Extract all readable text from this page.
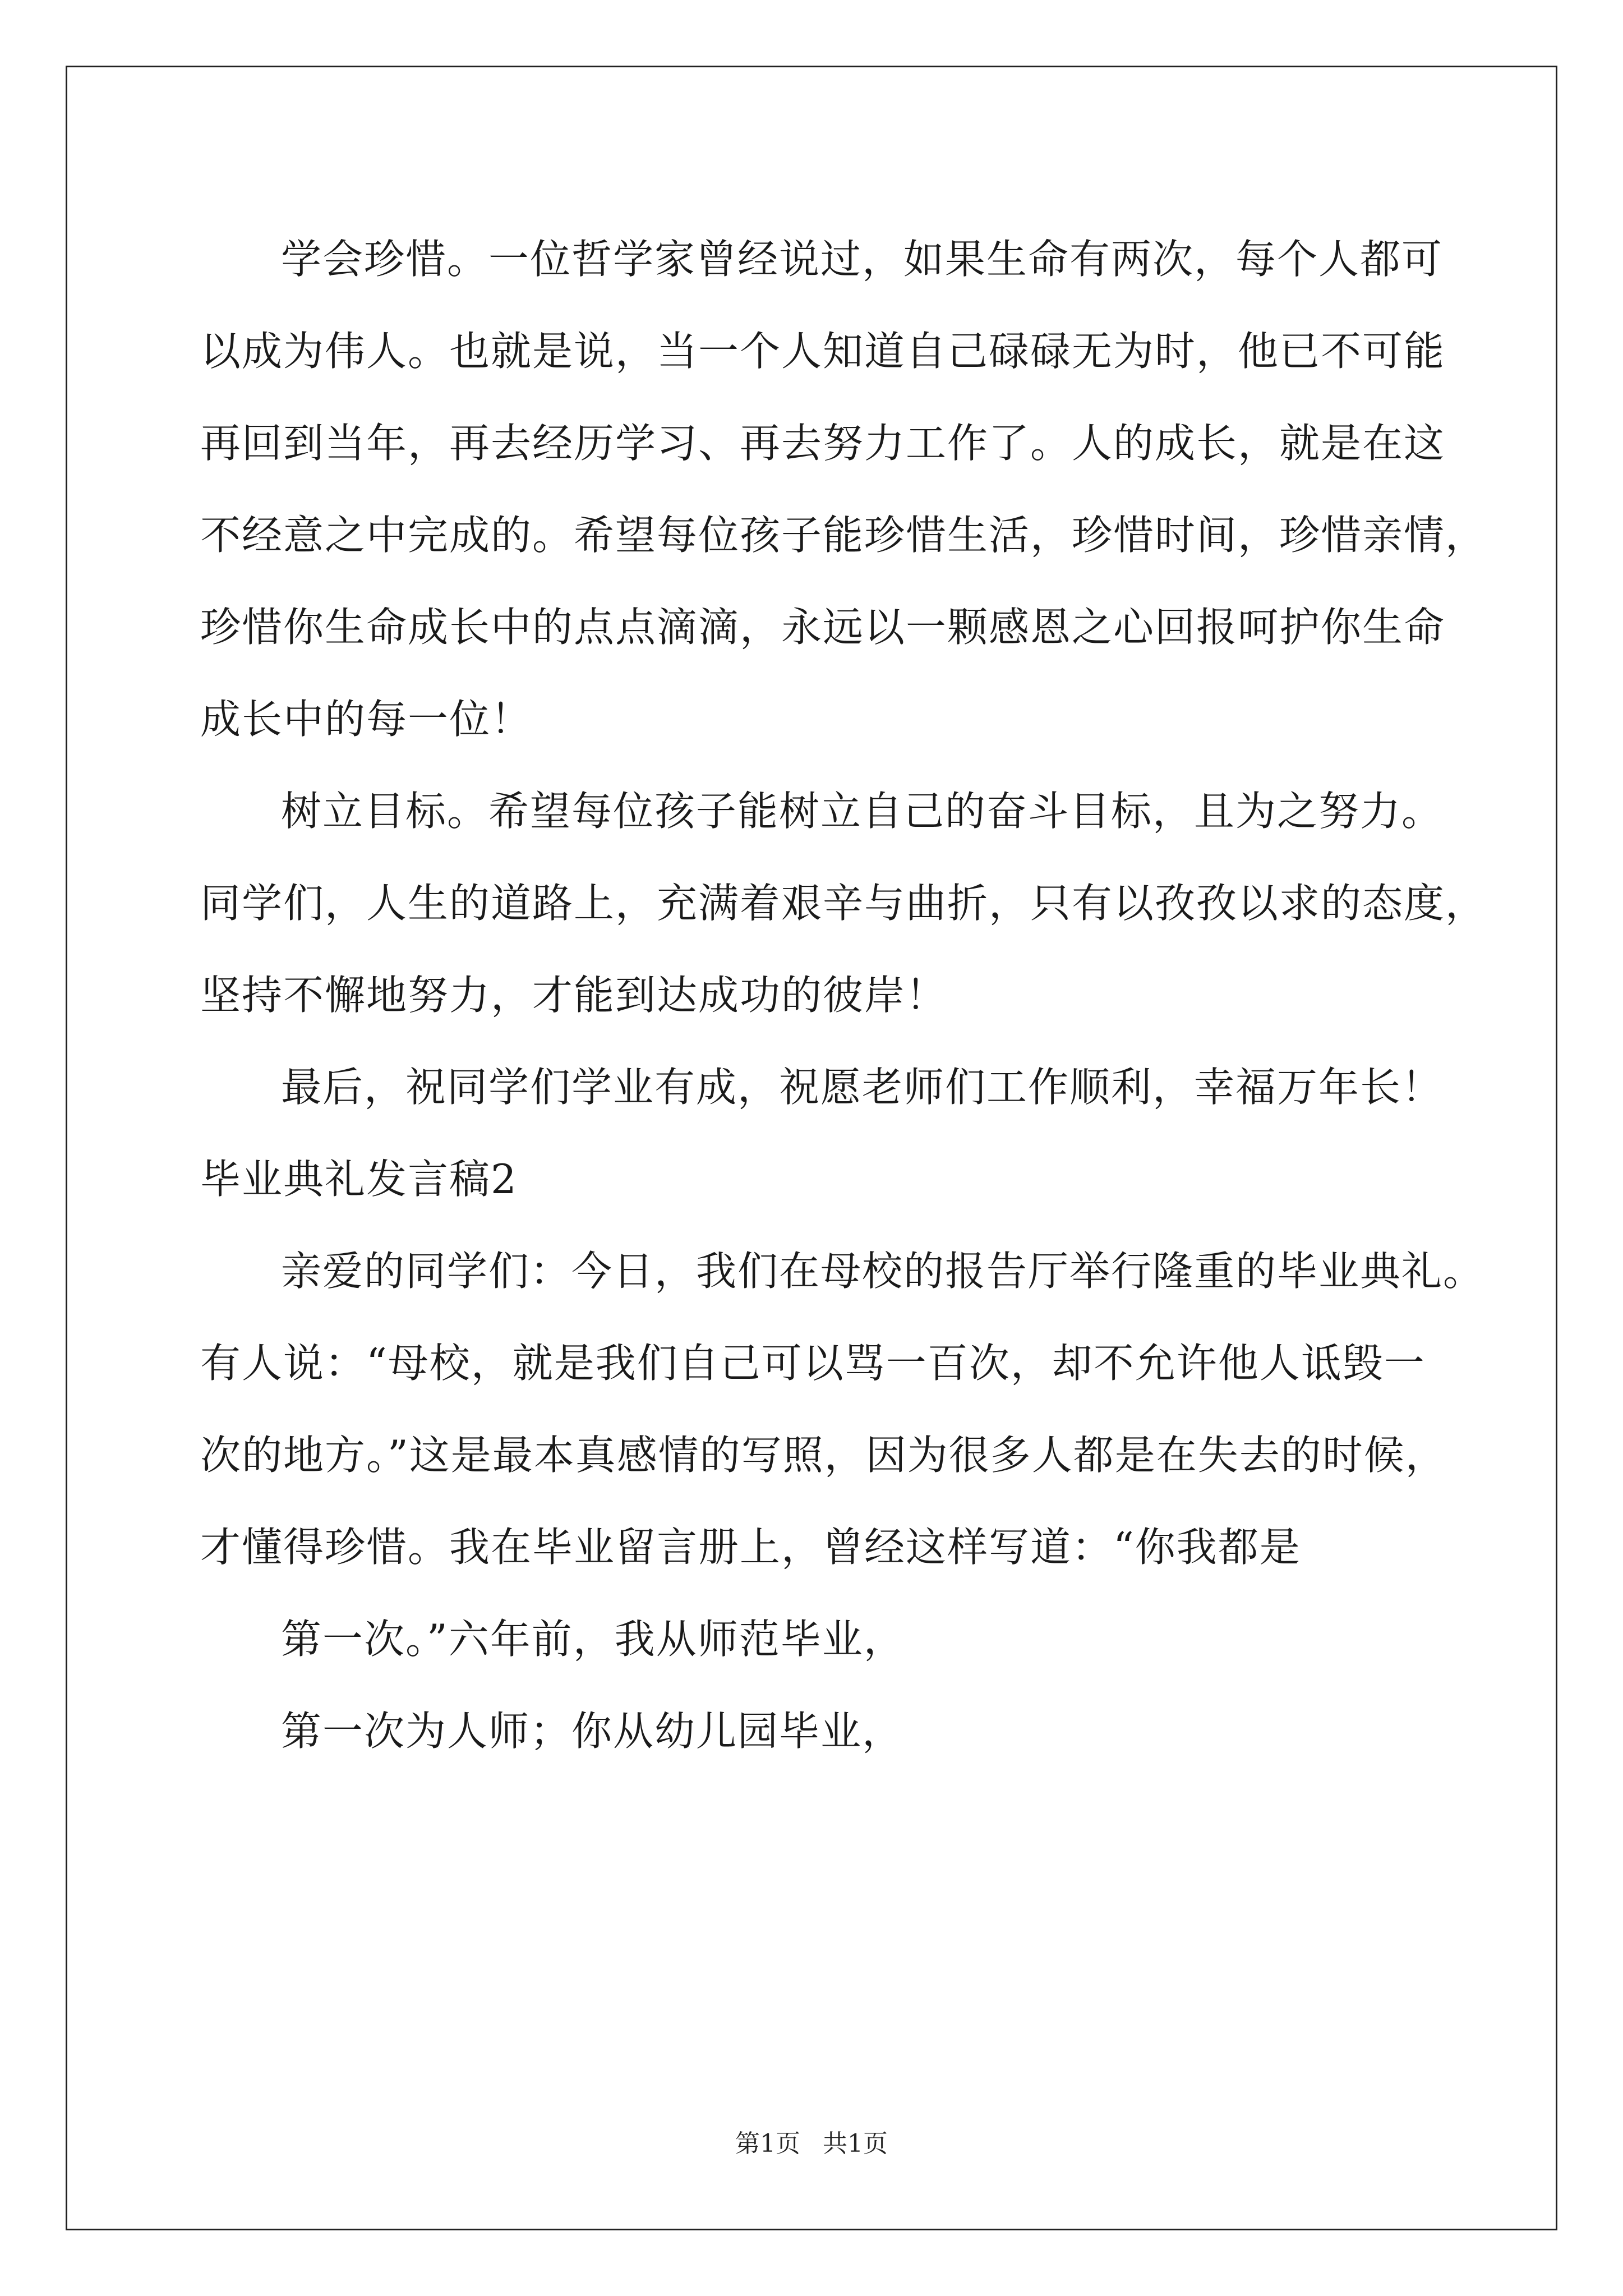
学会珍惜。一位哲学家曾经说过，如果生命有两次，每个人都可

以成为伟人。也就是说，当一个人知道自己碌碌无为时，他已不可能

再回到当年，再去经历学习、再去努力工作了。人的成长，就是在这

不经意之中完成的。希望每位孩子能珍惜生活，珍惜时间，珍惜亲情，

珍惜你生命成长中的点点滴滴，永远以一颗感恩之心回报呵护你生命

成长中的每一位！

树立目标。希望每位孩子能树立自己的奋斗目标，且为之努力。

同学们，人生的道路上，充满着艰辛与曲折，只有以孜孜以求的态度，

坚持不懈地努力，才能到达成功的彼岸！

最后，祝同学们学业有成，祝愿老师们工作顺利，幸福万年长！

毕业典礼发言稿2

亲爱的同学们：今日，我们在母校的报告厅举行隆重的毕业典礼。

有人说：“母校，就是我们自己可以骂一百次，却不允许他人诋毁一

次的地方。”这是最本真感情的写照，因为很多人都是在失去的时候，

才懂得珍惜。我在毕业留言册上，曾经这样写道：“你我都是

第一次。”六年前，我从师范毕业，

第一次为人师；你从幼儿园毕业，

第1页 共1页
